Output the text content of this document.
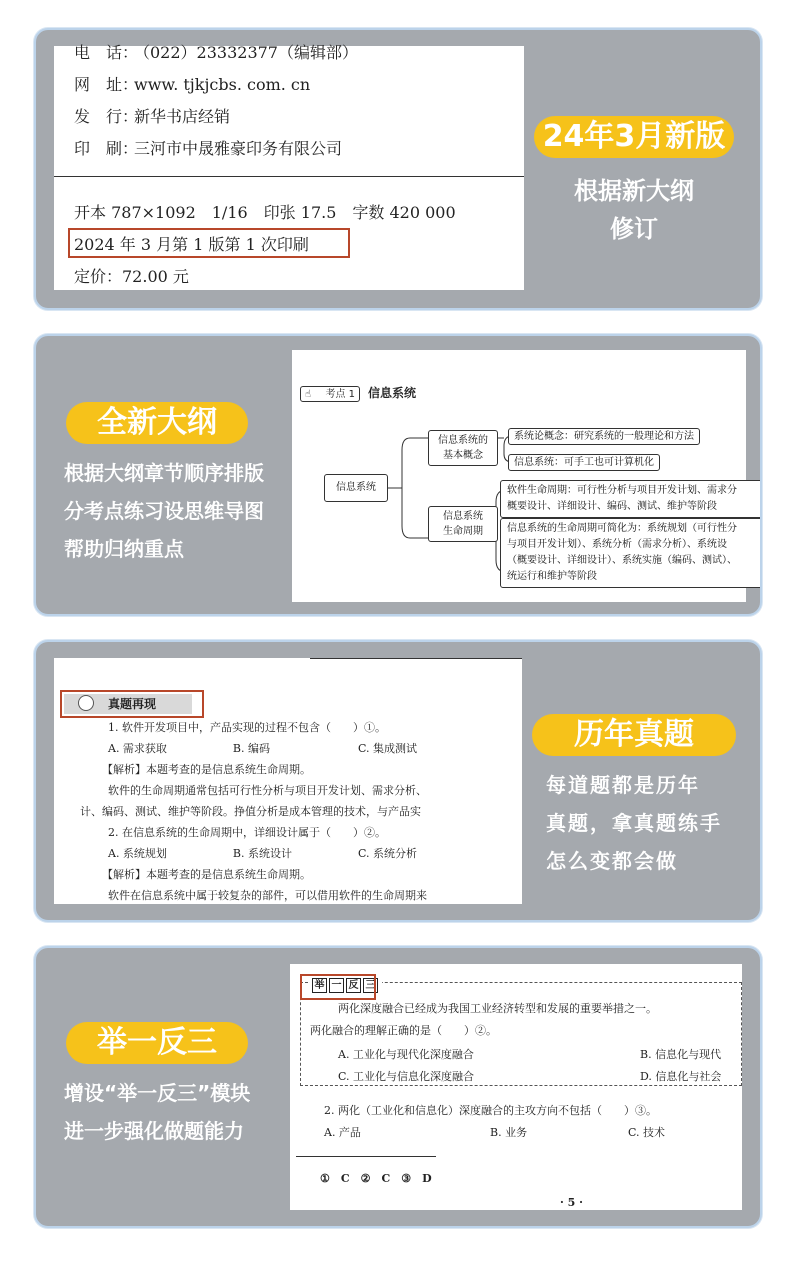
电　话：（022）23332377（编辑部）
网　址：www. tjkjcbs. com. cn
发　行：新华书店经销
印　刷：三河市中晟雅豪印务有限公司
开本 787×1092　1/16　印张 17.5　字数 420 000
2024 年 3 月第 1 版第 1 次印刷
定价：72.00 元
24年3月新版
根据新大纲
修订
全新大纲
根据大纲章节顺序排版
分考点练习设思维导图
帮助归纳重点
☝ 考点 1	信息系统
信息系统
信息系统的
基本概念
系统论概念：研究系统的一般理论和方法
信息系统：可手工也可计算机化
信息系统
生命周期
软件生命周期：可行性分析与项目开发计划、需求分
概要设计、详细设计、编码、测试、维护等阶段
信息系统的生命周期可简化为：系统规划（可行性分
与项目开发计划）、系统分析（需求分析）、系统设
（概要设计、详细设计）、系统实施（编码、测试）、
统运行和维护等阶段
真题再现
1. 软件开发项目中，产品实现的过程不包含（　　）①。
A. 需求获取　　　　　　B. 编码　　　　　　　　C. 集成测试
【解析】本题考查的是信息系统生命周期。
软件的生命周期通常包括可行性分析与项目开发计划、需求分析、
计、编码、测试、维护等阶段。挣值分析是成本管理的技术，与产品实
2. 在信息系统的生命周期中，详细设计属于（　　）②。
A. 系统规划　　　　　　B. 系统设计　　　　　　C. 系统分析
【解析】本题考查的是信息系统生命周期。
软件在信息系统中属于较复杂的部件，可以借用软件的生命周期来
历年真题
每道题都是历年
真题，拿真题练手
怎么变都会做
举一反三
增设“举一反三”模块
进一步强化做题能力
举 一 反 三
两化深度融合已经成为我国工业经济转型和发展的重要举措之一。
两化融合的理解正确的是（　　）②。
A. 工业化与现代化深度融合	B. 信息化与现代
C. 工业化与信息化深度融合	D. 信息化与社会
2. 两化（工业化和信息化）深度融合的主攻方向不包括（　　）③。
A. 产品	B. 业务	C. 技术
①　C　②　C　③　D
· 5 ·
